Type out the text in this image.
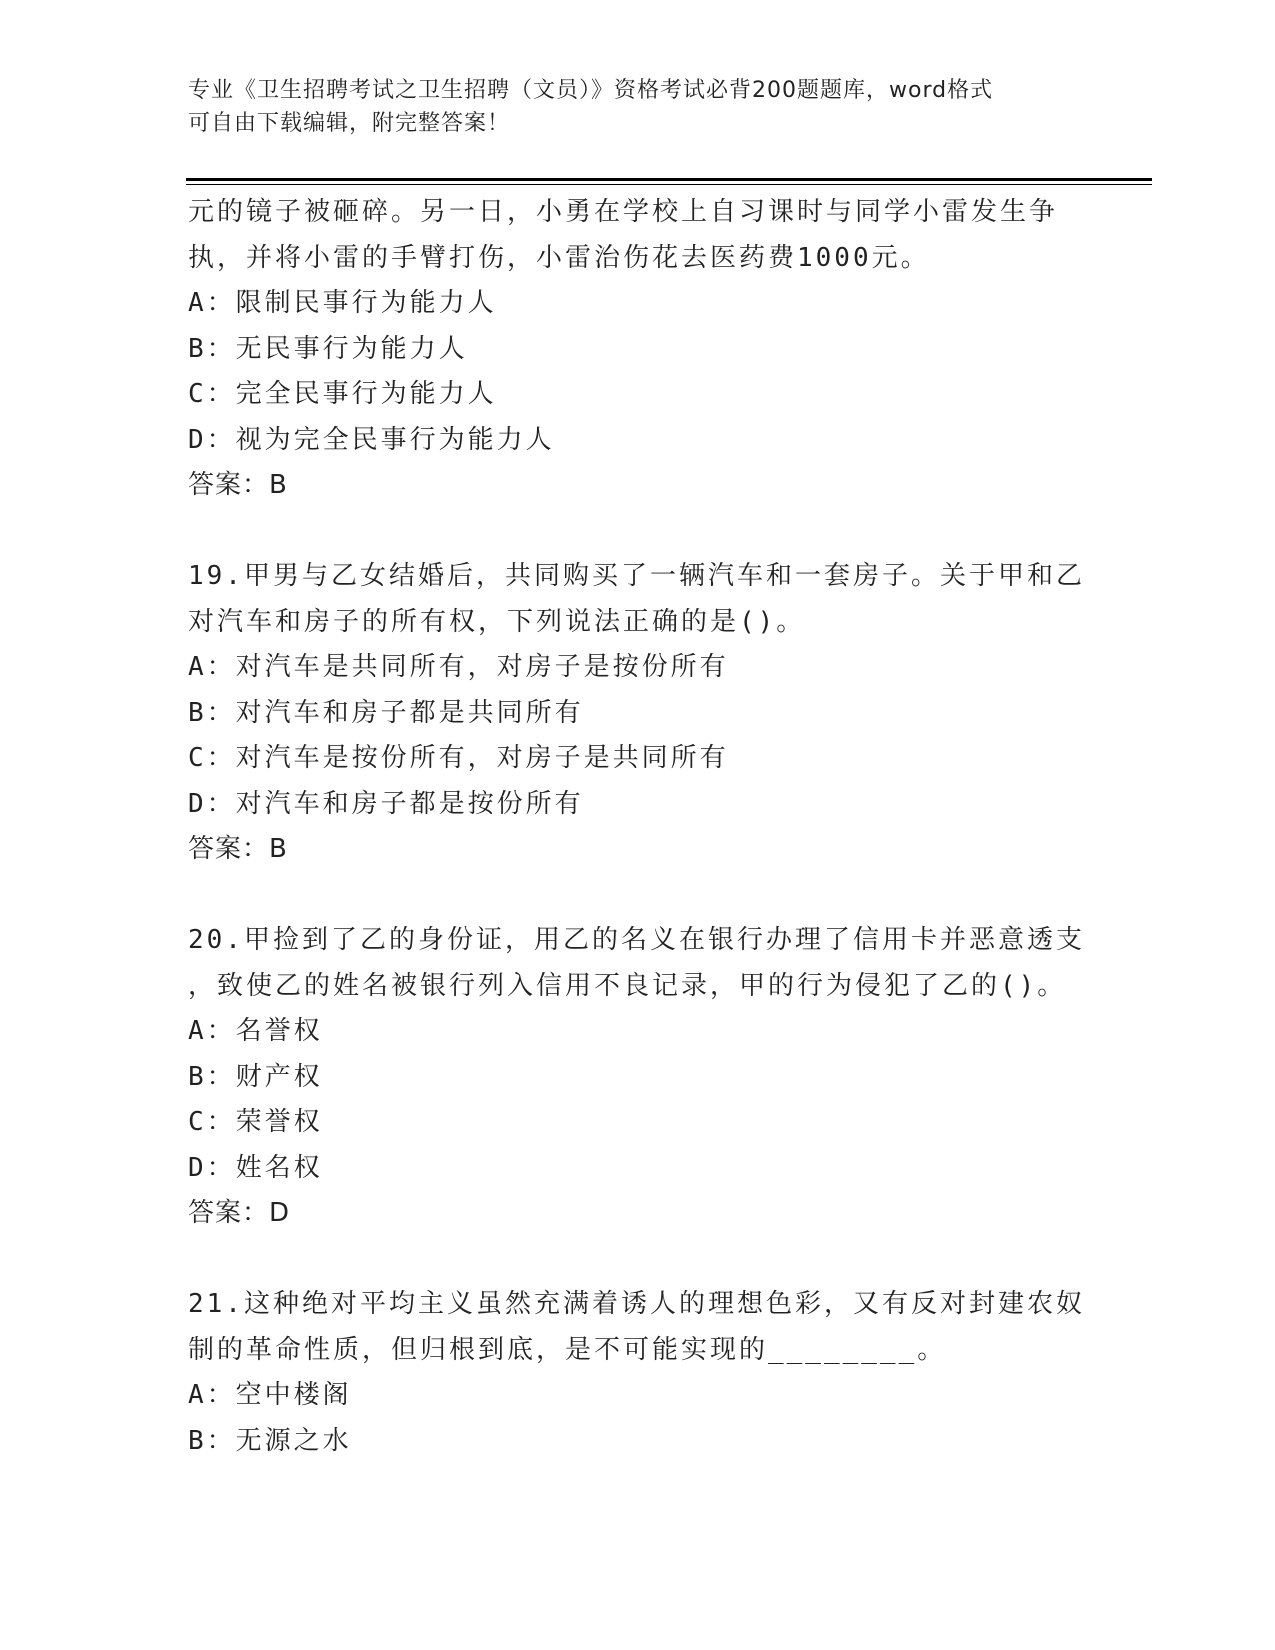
专业《卫生招聘考试之卫生招聘（文员）》资格考试必背200题题库，word格式
可自由下载编辑，附完整答案！
元的镜子被砸碎。另一日，小勇在学校上自习课时与同学小雷发生争
执，并将小雷的手臂打伤，小雷治伤花去医药费1000元。
A：限制民事行为能力人
B：无民事行为能力人
C：完全民事行为能力人
D：视为完全民事行为能力人
答案：B
19.甲男与乙女结婚后，共同购买了一辆汽车和一套房子。关于甲和乙
对汽车和房子的所有权，下列说法正确的是()。
A：对汽车是共同所有，对房子是按份所有
B：对汽车和房子都是共同所有
C：对汽车是按份所有，对房子是共同所有
D：对汽车和房子都是按份所有
答案：B
20.甲捡到了乙的身份证，用乙的名义在银行办理了信用卡并恶意透支
，致使乙的姓名被银行列入信用不良记录，甲的行为侵犯了乙的()。
A：名誉权
B：财产权
C：荣誉权
D：姓名权
答案：D
21.这种绝对平均主义虽然充满着诱人的理想色彩，又有反对封建农奴
制的革命性质，但归根到底，是不可能实现的________。
A：空中楼阁
B：无源之水
